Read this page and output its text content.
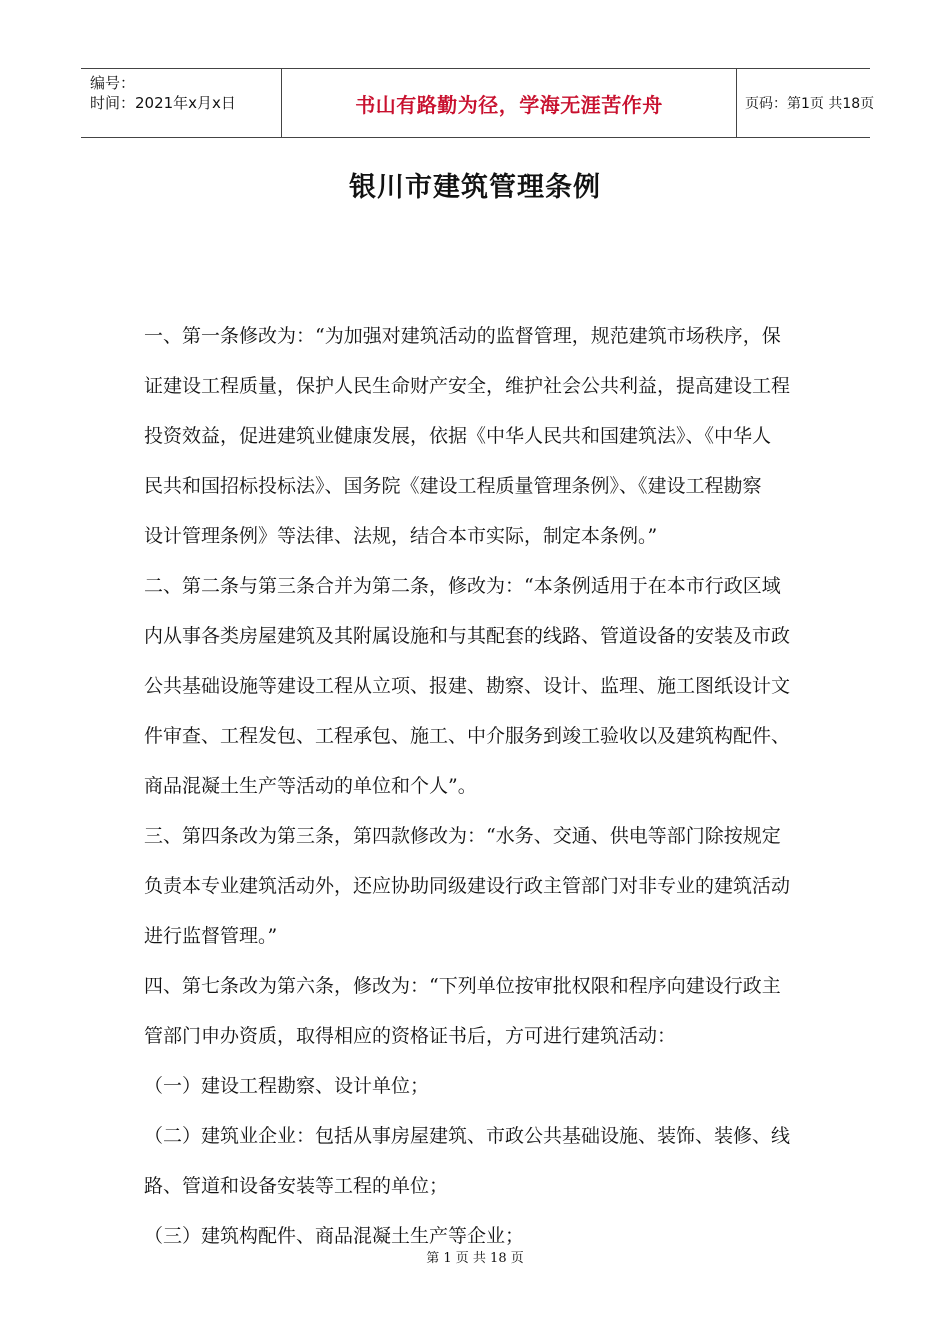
编号：
时间：2021年x月x日	书山有路勤为径，学海无涯苦作舟	页码：第1页 共18页
银川市建筑管理条例
一、第一条修改为：“为加强对建筑活动的监督管理，规范建筑市场秩序，保
证建设工程质量，保护人民生命财产安全，维护社会公共利益，提高建设工程
投资效益，促进建筑业健康发展，依据《中华人民共和国建筑法》、《中华人
民共和国招标投标法》、国务院《建设工程质量管理条例》、《建设工程勘察
设计管理条例》等法律、法规，结合本市实际，制定本条例。”
二、第二条与第三条合并为第二条，修改为：“本条例适用于在本市行政区域
内从事各类房屋建筑及其附属设施和与其配套的线路、管道设备的安装及市政
公共基础设施等建设工程从立项、报建、勘察、设计、监理、施工图纸设计文
件审查、工程发包、工程承包、施工、中介服务到竣工验收以及建筑构配件、
商品混凝土生产等活动的单位和个人”。
三、第四条改为第三条，第四款修改为：“水务、交通、供电等部门除按规定
负责本专业建筑活动外，还应协助同级建设行政主管部门对非专业的建筑活动
进行监督管理。”
四、第七条改为第六条，修改为：“下列单位按审批权限和程序向建设行政主
管部门申办资质，取得相应的资格证书后，方可进行建筑活动：
（一）建设工程勘察、设计单位；
（二）建筑业企业：包括从事房屋建筑、市政公共基础设施、装饰、装修、线
路、管道和设备安装等工程的单位；
（三）建筑构配件、商品混凝土生产等企业；
第 1 页 共 18 页
